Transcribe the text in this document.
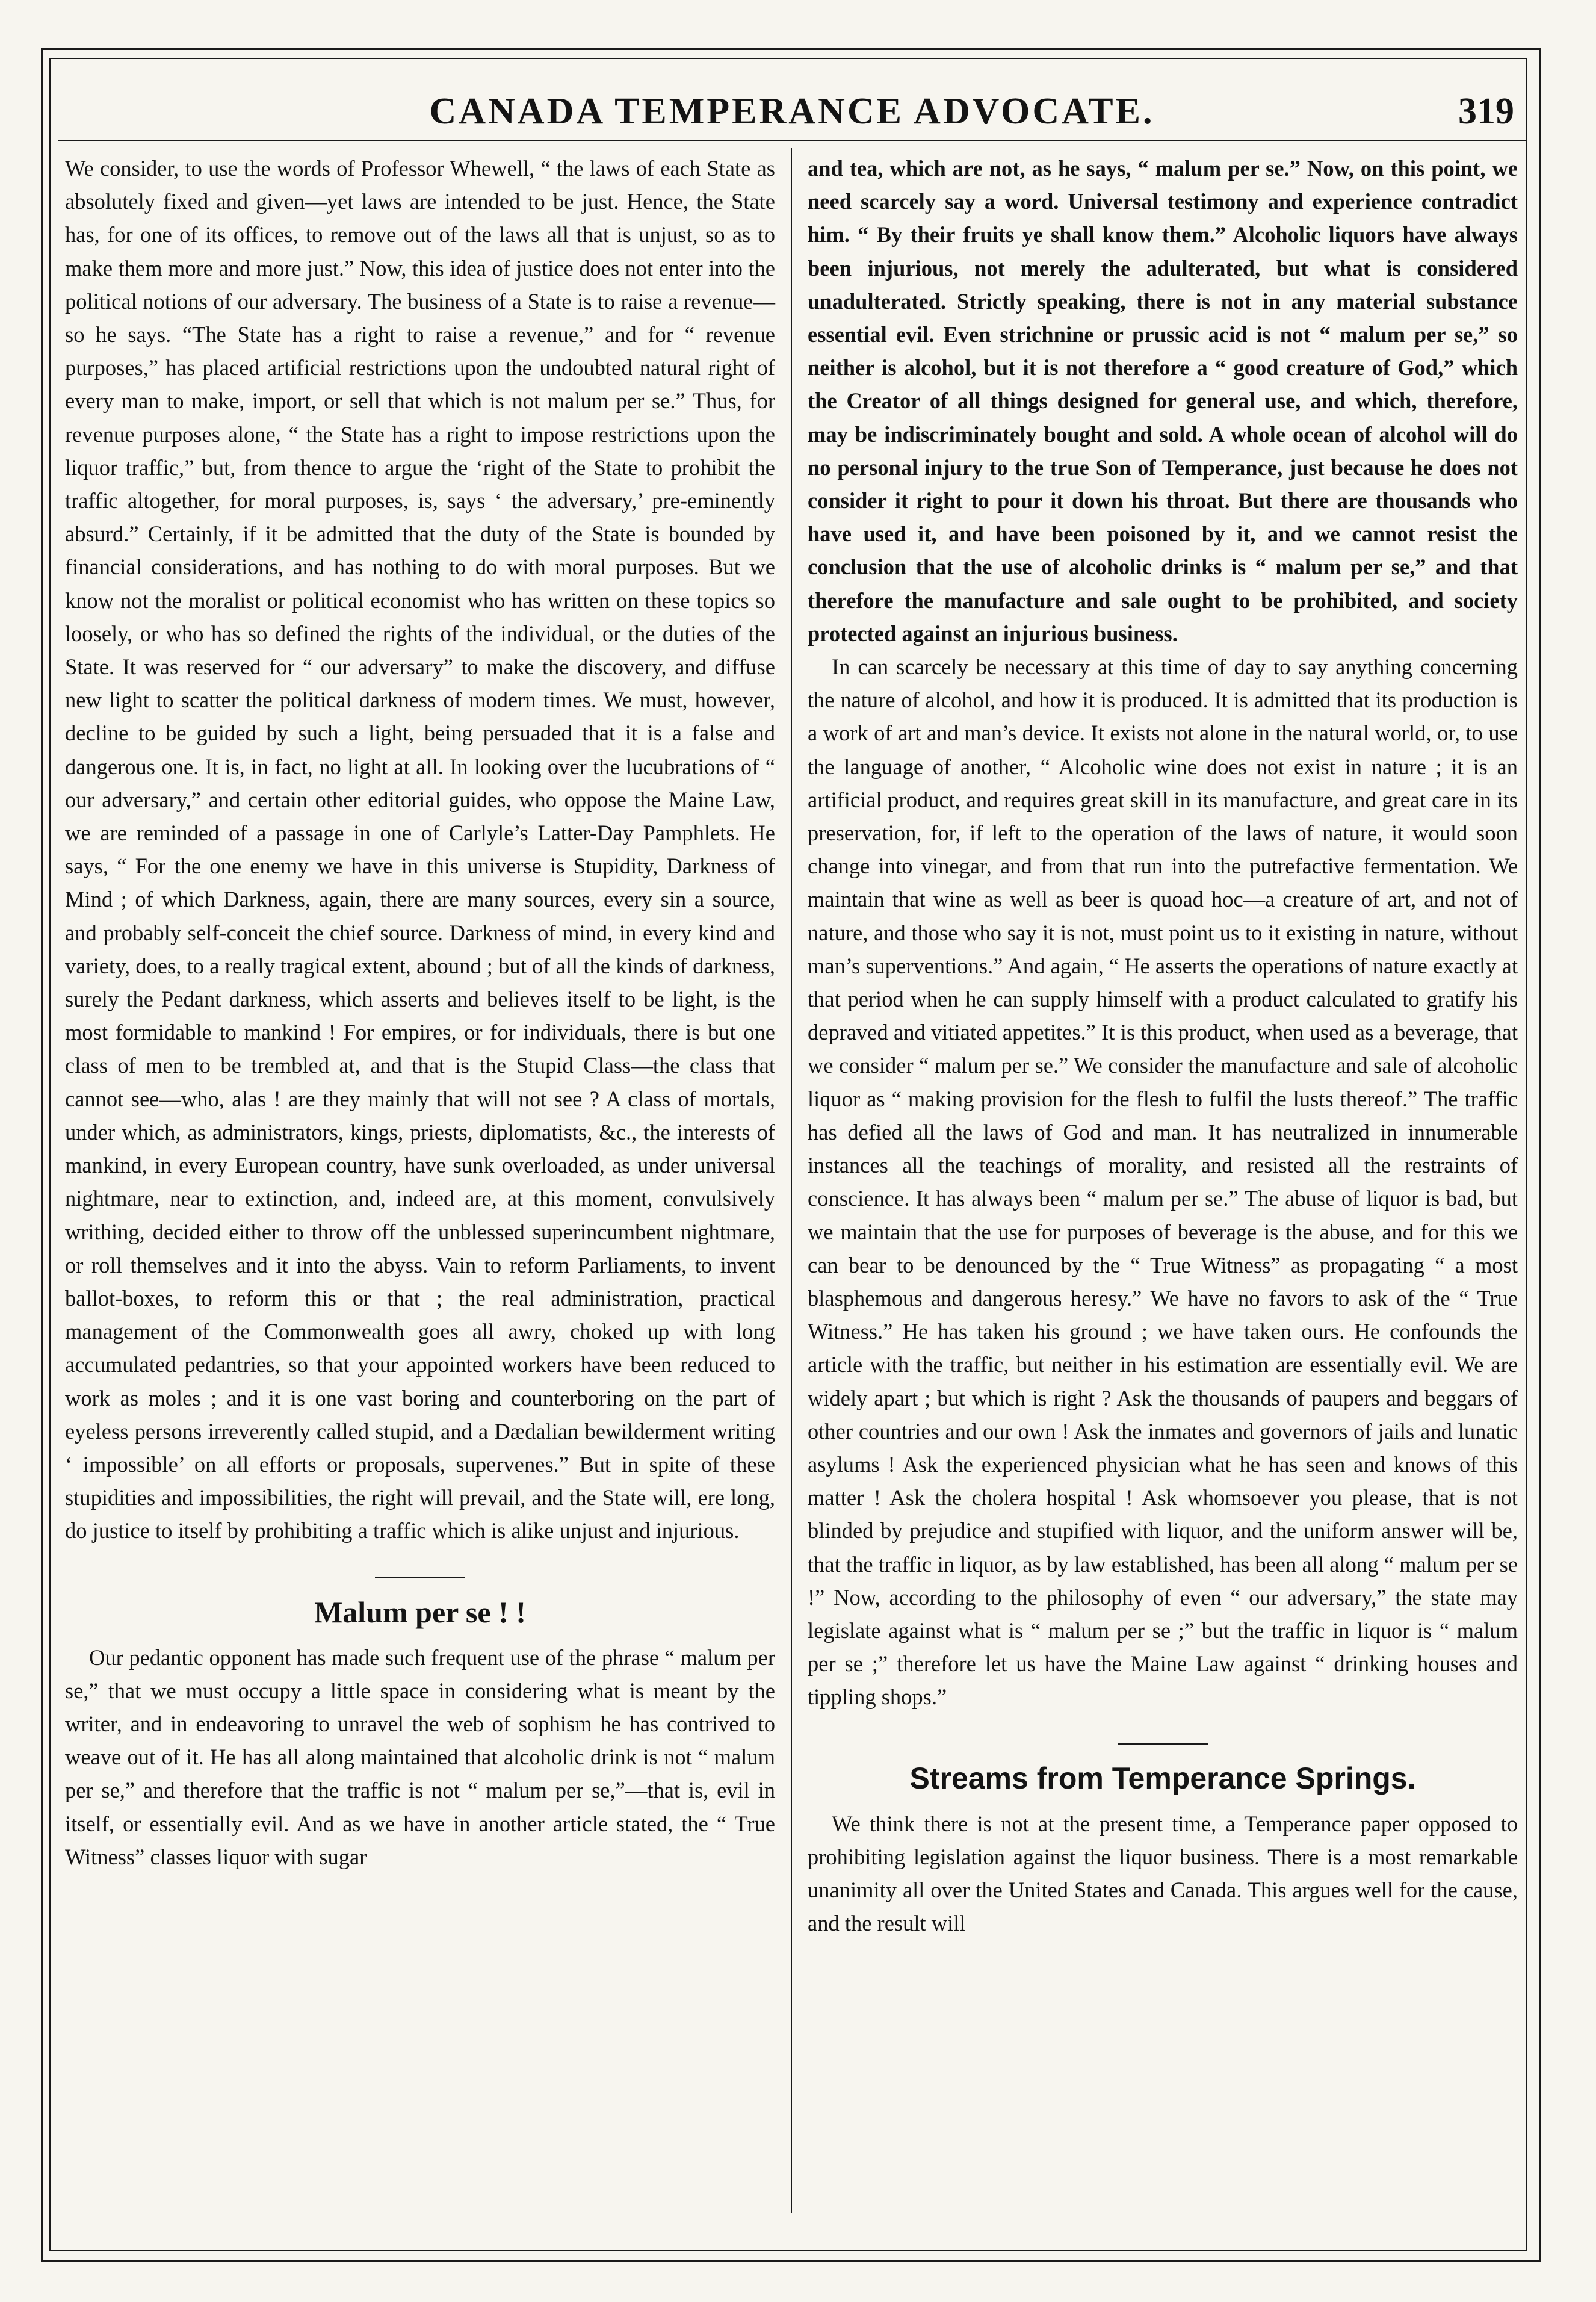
CANADA TEMPERANCE ADVOCATE.	319

We consider, to use the words of Professor Whewell, “ the laws of each State as absolutely fixed and given—yet laws are intended to be just. Hence, the State has, for one of its offices, to remove out of the laws all that is unjust, so as to make them more and more just.” Now, this idea of justice does not enter into the political notions of our adversary. The business of a State is to raise a revenue—so he says. “The State has a right to raise a revenue,” and for “ revenue purposes,” has placed artificial restrictions upon the undoubted natural right of every man to make, import, or sell that which is not malum per se.” Thus, for revenue purposes alone, “ the State has a right to impose restrictions upon the liquor traffic,” but, from thence to argue the ‘right of the State to prohibit the traffic altogether, for moral purposes, is, says ‘ the adversary,’ pre-eminently absurd.” Certainly, if it be admitted that the duty of the State is bounded by financial considerations, and has nothing to do with moral purposes. But we know not the moralist or political economist who has written on these topics so loosely, or who has so defined the rights of the individual, or the duties of the State. It was reserved for “ our adversary” to make the discovery, and diffuse new light to scatter the political darkness of modern times. We must, however, decline to be guided by such a light, being persuaded that it is a false and dangerous one. It is, in fact, no light at all. In looking over the lucubrations of “ our adversary,” and certain other editorial guides, who oppose the Maine Law, we are reminded of a passage in one of Carlyle’s Latter-Day Pamphlets. He says, “ For the one enemy we have in this universe is Stupidity, Darkness of Mind ; of which Darkness, again, there are many sources, every sin a source, and probably self-conceit the chief source. Darkness of mind, in every kind and variety, does, to a really tragical extent, abound ; but of all the kinds of darkness, surely the Pedant darkness, which asserts and believes itself to be light, is the most formidable to mankind ! For empires, or for individuals, there is but one class of men to be trembled at, and that is the Stupid Class—the class that cannot see—who, alas ! are they mainly that will not see ? A class of mortals, under which, as administrators, kings, priests, diplomatists, &c., the interests of mankind, in every European country, have sunk overloaded, as under universal nightmare, near to extinction, and, indeed are, at this moment, convulsively writhing, decided either to throw off the unblessed superincumbent nightmare, or roll themselves and it into the abyss. Vain to reform Parliaments, to invent ballot-boxes, to reform this or that ; the real administration, practical management of the Commonwealth goes all awry, choked up with long accumulated pedantries, so that your appointed workers have been reduced to work as moles ; and it is one vast boring and counterboring on the part of eyeless persons irreverently called stupid, and a Dædalian bewilderment writing ‘ impossible’ on all efforts or proposals, supervenes.” But in spite of these stupidities and impossibilities, the right will prevail, and the State will, ere long, do justice to itself by prohibiting a traffic which is alike unjust and injurious.

Malum per se ! !

Our pedantic opponent has made such frequent use of the phrase “ malum per se,” that we must occupy a little space in considering what is meant by the writer, and in endeavoring to unravel the web of sophism he has contrived to weave out of it. He has all along maintained that alcoholic drink is not “ malum per se,” and therefore that the traffic is not “ malum per se,”—that is, evil in itself, or essentially evil. And as we have in another article stated, the “ True Witness” classes liquor with sugar

and tea, which are not, as he says, “ malum per se.” Now, on this point, we need scarcely say a word. Universal testimony and experience contradict him. “ By their fruits ye shall know them.” Alcoholic liquors have always been injurious, not merely the adulterated, but what is considered unadulterated. Strictly speaking, there is not in any material substance essential evil. Even strichnine or prussic acid is not “ malum per se,” so neither is alcohol, but it is not therefore a “ good creature of God,” which the Creator of all things designed for general use, and which, therefore, may be indiscriminately bought and sold. A whole ocean of alcohol will do no personal injury to the true Son of Temperance, just because he does not consider it right to pour it down his throat. But there are thousands who have used it, and have been poisoned by it, and we cannot resist the conclusion that the use of alcoholic drinks is “ malum per se,” and that therefore the manufacture and sale ought to be prohibited, and society protected against an injurious business.

In can scarcely be necessary at this time of day to say anything concerning the nature of alcohol, and how it is produced. It is admitted that its production is a work of art and man’s device. It exists not alone in the natural world, or, to use the language of another, “ Alcoholic wine does not exist in nature ; it is an artificial product, and requires great skill in its manufacture, and great care in its preservation, for, if left to the operation of the laws of nature, it would soon change into vinegar, and from that run into the putrefactive fermentation. We maintain that wine as well as beer is quoad hoc—a creature of art, and not of nature, and those who say it is not, must point us to it existing in nature, without man’s superventions.” And again, “ He asserts the operations of nature exactly at that period when he can supply himself with a product calculated to gratify his depraved and vitiated appetites.” It is this product, when used as a beverage, that we consider “ malum per se.” We consider the manufacture and sale of alcoholic liquor as “ making provision for the flesh to fulfil the lusts thereof.” The traffic has defied all the laws of God and man. It has neutralized in innumerable instances all the teachings of morality, and resisted all the restraints of conscience. It has always been “ malum per se.” The abuse of liquor is bad, but we maintain that the use for purposes of beverage is the abuse, and for this we can bear to be denounced by the “ True Witness” as propagating “ a most blasphemous and dangerous heresy.” We have no favors to ask of the “ True Witness.” He has taken his ground ; we have taken ours. He confounds the article with the traffic, but neither in his estimation are essentially evil. We are widely apart ; but which is right ? Ask the thousands of paupers and beggars of other countries and our own ! Ask the inmates and governors of jails and lunatic asylums ! Ask the experienced physician what he has seen and knows of this matter ! Ask the cholera hospital ! Ask whomsoever you please, that is not blinded by prejudice and stupified with liquor, and the uniform answer will be, that the traffic in liquor, as by law established, has been all along “ malum per se !” Now, according to the philosophy of even “ our adversary,” the state may legislate against what is “ malum per se ;” but the traffic in liquor is “ malum per se ;” therefore let us have the Maine Law against “ drinking houses and tippling shops.”

Streams from Temperance Springs.

We think there is not at the present time, a Temperance paper opposed to prohibiting legislation against the liquor business. There is a most remarkable unanimity all over the United States and Canada. This argues well for the cause, and the result will
